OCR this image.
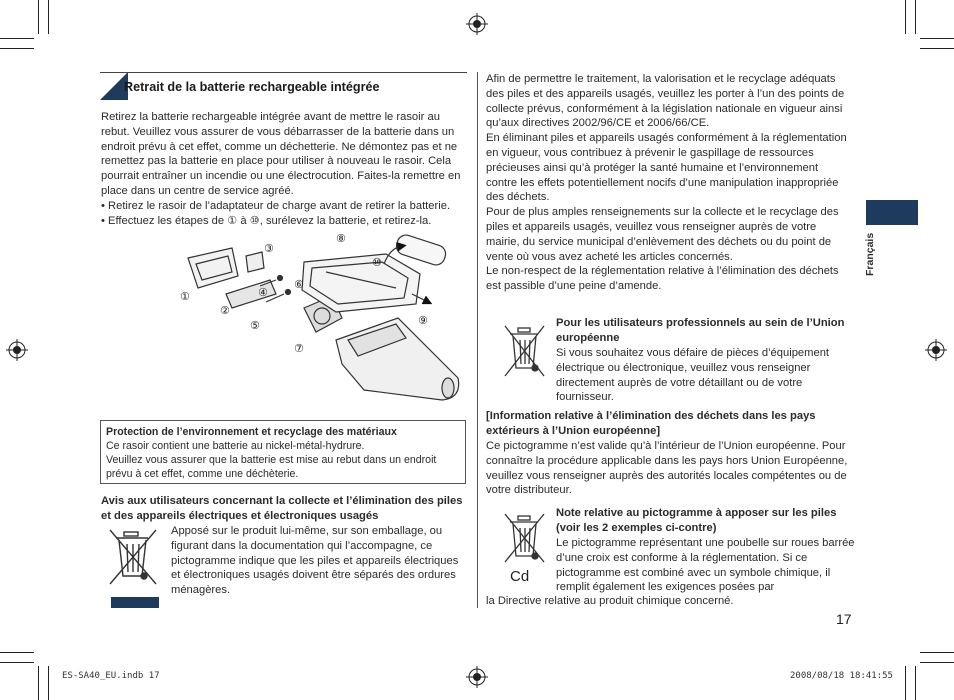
Retrait de la batterie rechargeable intégrée

Retirez la batterie rechargeable intégrée avant de mettre le rasoir au rebut. Veuillez vous assurer de vous débarrasser de la batterie dans un endroit prévu à cet effet, comme un déchetterie. Ne démontez pas et ne remettez pas la batterie en place pour utiliser à nouveau le rasoir. Cela pourrait entraîner un incendie ou une électrocution. Faites-la remettre en place dans un centre de service agréé.

• Retirez le rasoir de l’adaptateur de charge avant de retirer la batterie.

• Effectuez les étapes de ① à ⑩, surélevez la batterie, et retirez-la.

①
②
③
④
⑤
⑥
⑦
⑧
⑨
⑩

Protection de l’environnement et recyclage des matériaux

Ce rasoir contient une batterie au nickel-métal-hydrure.

Veuillez vous assurer que la batterie est mise au rebut dans un endroit prévu à cet effet, comme une déchèterie.

Avis aux utilisateurs concernant la collecte et l’élimination des piles et des appareils électriques et électroniques usagés
Apposé sur le produit lui-même, sur son emballage, ou figurant dans la documentation qui l’accompagne, ce pictogramme indique que les piles et appareils électriques et électroniques usagés doivent être séparés des ordures ménagères.

Afin de permettre le traitement, la valorisation et le recyclage adéquats des piles et des appareils usagés, veuillez les porter à l’un des points de collecte prévus, conformément à la législation nationale en vigueur ainsi qu’aux directives 2002/96/CE et 2006/66/CE.

En éliminant piles et appareils usagés conformément à la réglementation en vigueur, vous contribuez à prévenir le gaspillage de ressources précieuses ainsi qu’à protéger la santé humaine et l’environnement contre les effets potentiellement nocifs d’une manipulation inappropriée des déchets.

Pour de plus amples renseignements sur la collecte et le recyclage des piles et appareils usagés, veuillez vous renseigner auprès de votre mairie, du service municipal d’enlèvement des déchets ou du point de vente où vous avez acheté les articles concernés.

Le non-respect de la réglementation relative à l’élimination des déchets est passible d’une peine d’amende.

Pour les utilisateurs professionnels au sein de l’Union européenne
Si vous souhaitez vous défaire de pièces d’équipement électrique ou électronique, veuillez vous renseigner directement auprès de votre détaillant ou de votre fournisseur.
[Information relative à l’élimination des déchets dans les pays extérieurs à l’Union européenne]
Ce pictogramme n’est valide qu’à l’intérieur de l’Union européenne. Pour connaître la procédure applicable dans les pays hors Union Européenne, veuillez vous renseigner auprès des autorités locales compétentes ou de votre distributeur.
Cd
Note relative au pictogramme à apposer sur les piles (voir les 2 exemples ci-contre)
Le pictogramme représentant une poubelle sur roues barrée d’une croix est conforme à la réglementation. Si ce pictogramme est combiné avec un symbole chimique, il remplit également les exigences posées par
la Directive relative au produit chimique concerné.
Français
17
ES-SA40_EU.indb 17	2008/08/18 18:41:55
